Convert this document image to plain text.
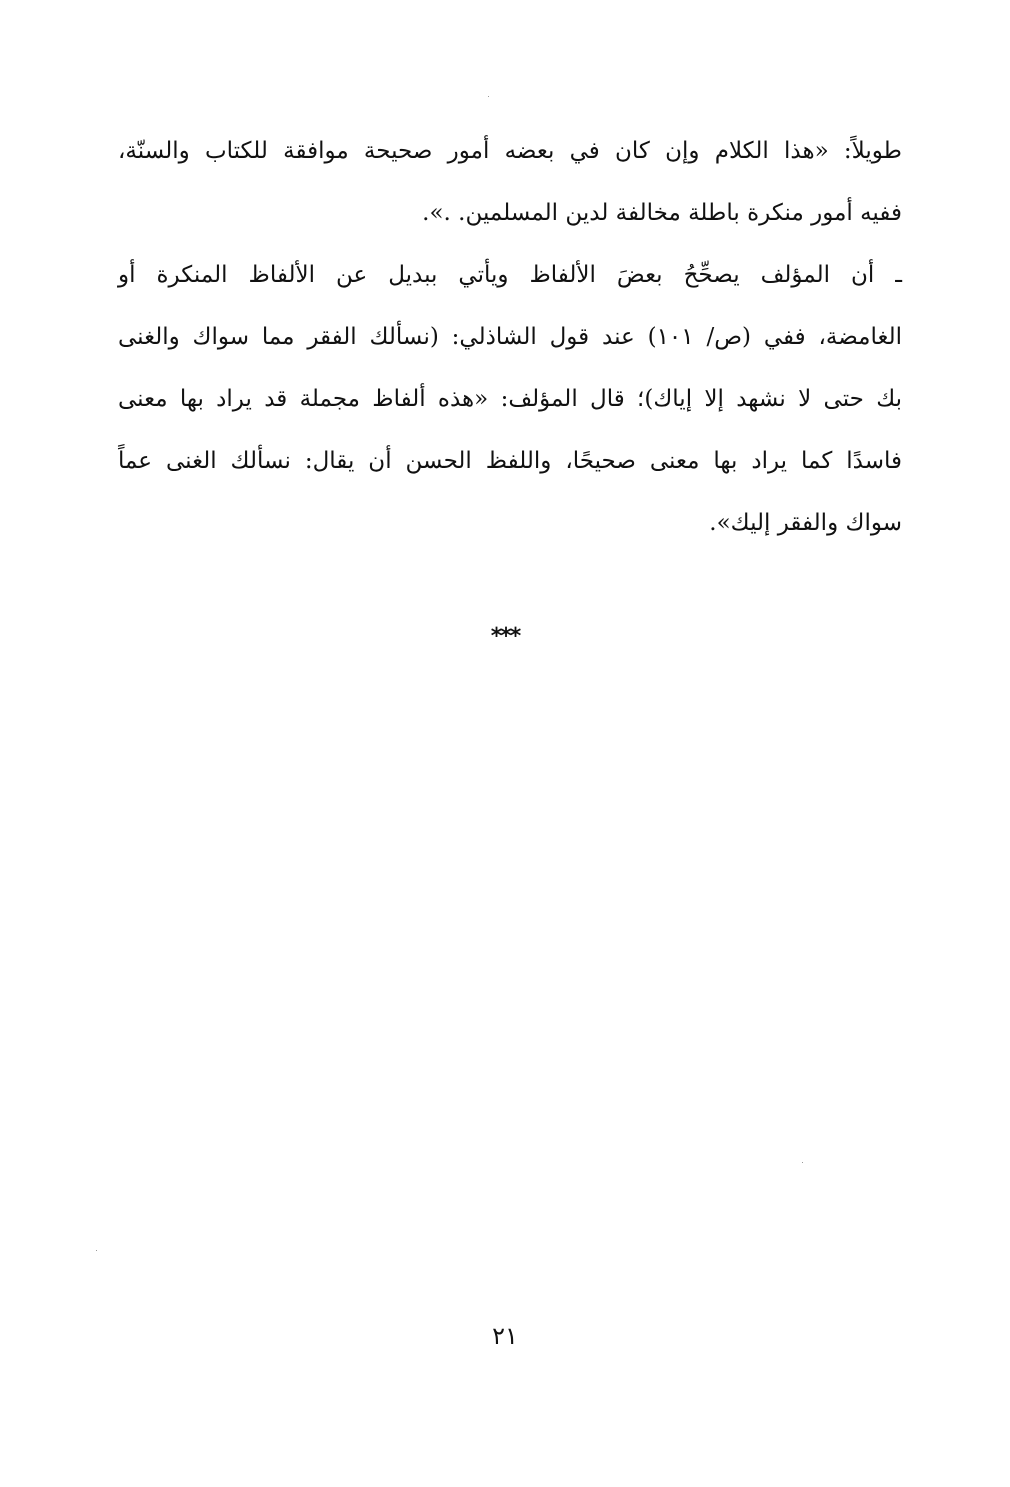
طويلاً: «هذا الكلام وإن كان في بعضه أمور صحيحة موافقة للكتاب والسنّة،
ففيه أمور منكرة باطلة مخالفة لدين المسلمين. .».
ـ أن المؤلف يصحِّحُ بعضَ الألفاظ ويأتي ببديل عن الألفاظ المنكرة أو
الغامضة، ففي (ص/ ١٠١) عند قول الشاذلي: (نسألك الفقر مما سواك والغنى
بك حتى لا نشهد إلا إياك)؛ قال المؤلف: «هذه ألفاظ مجملة قد يراد بها معنى
فاسدًا كما يراد بها معنى صحيحًا، واللفظ الحسن أن يقال: نسألك الغنى عماً
سواك والفقر إليك».
***
٢١
